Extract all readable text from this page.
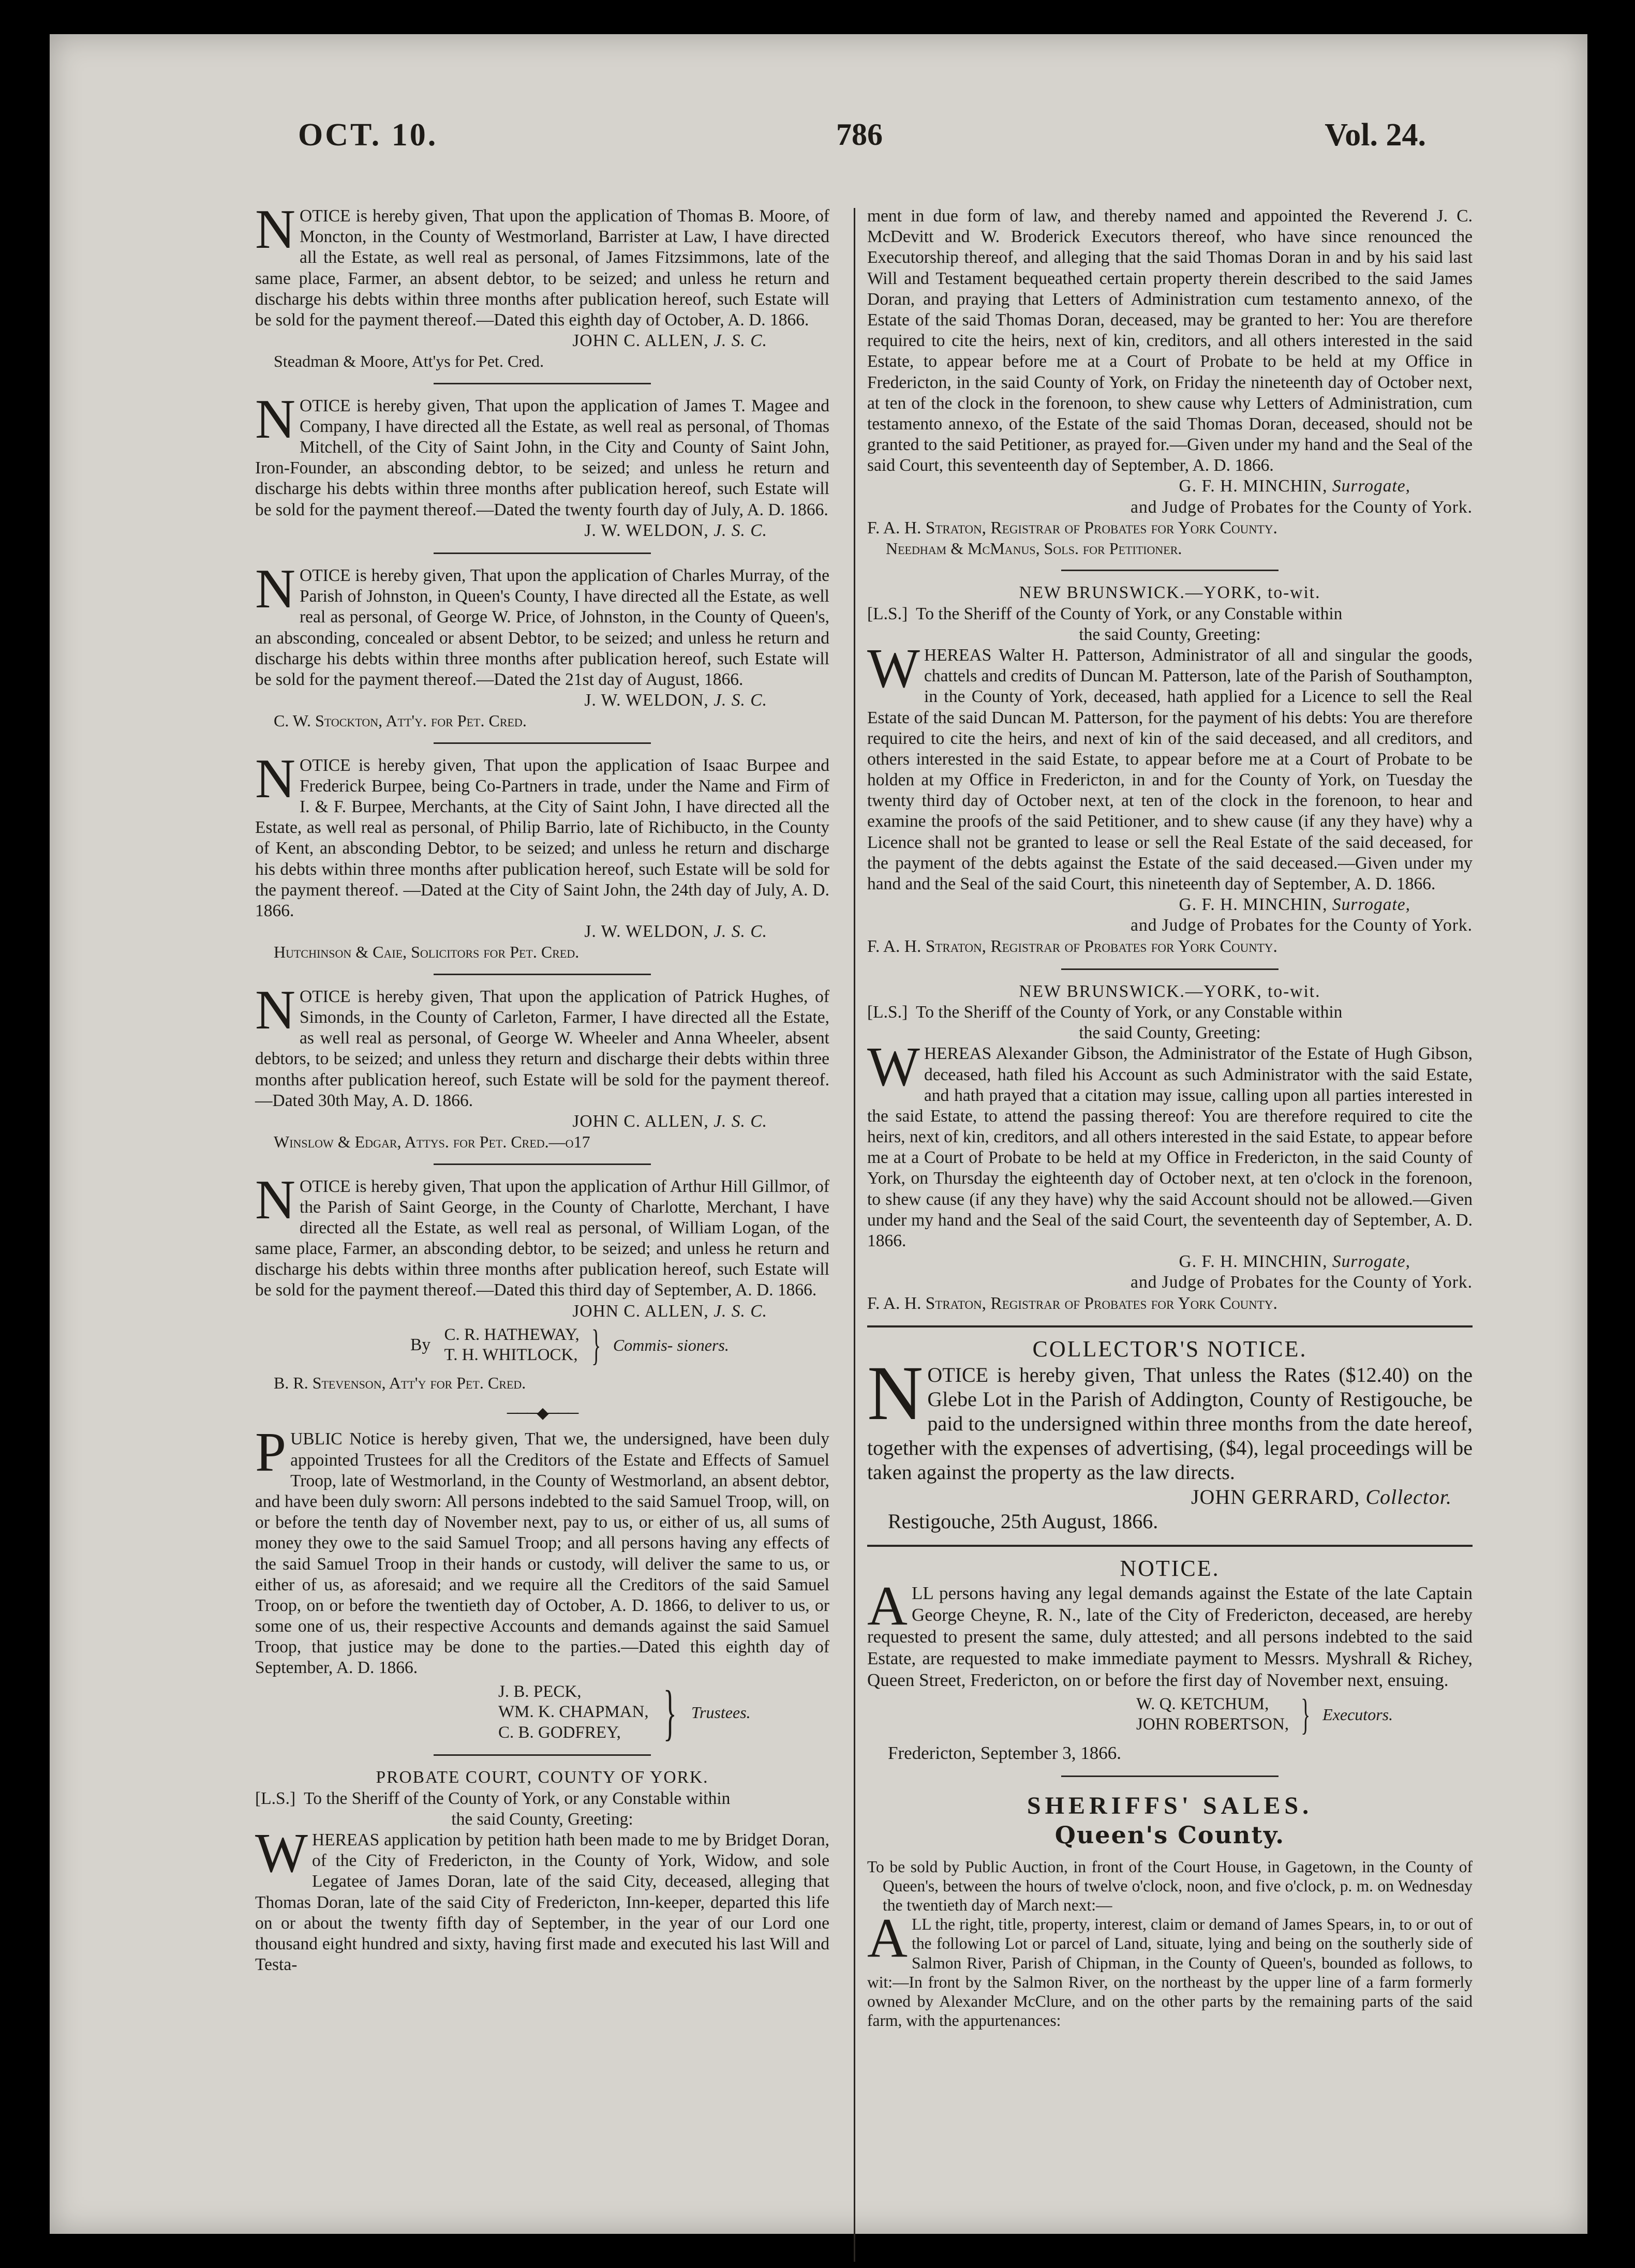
OCT. 10.	786	Vol. 24.

NOTICE is hereby given, That upon the application of Thomas B. Moore, of Moncton, in the County of Westmorland, Barrister at Law, I have directed all the Estate, as well real as personal, of James Fitzsimmons, late of the same place, Farmer, an absent debtor, to be seized; and unless he return and discharge his debts within three months after publication hereof, such Estate will be sold for the payment thereof.—Dated this eighth day of October, A. D. 1866.

JOHN C. ALLEN, J. S. C.

Steadman & Moore, Att'ys for Pet. Cred.

NOTICE is hereby given, That upon the application of James T. Magee and Company, I have directed all the Estate, as well real as personal, of Thomas Mitchell, of the City of Saint John, in the City and County of Saint John, Iron-Founder, an absconding debtor, to be seized; and unless he return and discharge his debts within three months after publication hereof, such Estate will be sold for the payment thereof.—Dated the twenty fourth day of July, A. D. 1866.

J. W. WELDON, J. S. C.

NOTICE is hereby given, That upon the application of Charles Murray, of the Parish of Johnston, in Queen's County, I have directed all the Estate, as well real as personal, of George W. Price, of Johnston, in the County of Queen's, an absconding, concealed or absent Debtor, to be seized; and unless he return and discharge his debts within three months after publication hereof, such Estate will be sold for the payment thereof.—Dated the 21st day of August, 1866.

J. W. WELDON, J. S. C.

C. W. Stockton, Att'y. for Pet. Cred.

NOTICE is hereby given, That upon the application of Isaac Burpee and Frederick Burpee, being Co-Partners in trade, under the Name and Firm of I. & F. Burpee, Merchants, at the City of Saint John, I have directed all the Estate, as well real as personal, of Philip Barrio, late of Richibucto, in the County of Kent, an absconding Debtor, to be seized; and unless he return and discharge his debts within three months after publication hereof, such Estate will be sold for the payment thereof. —Dated at the City of Saint John, the 24th day of July, A. D. 1866.

J. W. WELDON, J. S. C.

Hutchinson & Caie, Solicitors for Pet. Cred.

NOTICE is hereby given, That upon the application of Patrick Hughes, of Simonds, in the County of Carleton, Farmer, I have directed all the Estate, as well real as personal, of George W. Wheeler and Anna Wheeler, absent debtors, to be seized; and unless they return and discharge their debts within three months after publication hereof, such Estate will be sold for the payment thereof.—Dated 30th May, A. D. 1866.

JOHN C. ALLEN, J. S. C.

Winslow & Edgar, Attys. for Pet. Cred.—o17

NOTICE is hereby given, That upon the application of Arthur Hill Gillmor, of the Parish of Saint George, in the County of Charlotte, Merchant, I have directed all the Estate, as well real as personal, of William Logan, of the same place, Farmer, an absconding debtor, to be seized; and unless he return and discharge his debts within three months after publication hereof, such Estate will be sold for the payment thereof.—Dated this third day of September, A. D. 1866.

JOHN C. ALLEN, J. S. C.

By C. R. HATHEWAY,
T. H. WHITLOCK, } Commis- sioners.

B. R. Stevenson, Att'y for Pet. Cred.

───◆───

PUBLIC Notice is hereby given, That we, the undersigned, have been duly appointed Trustees for all the Creditors of the Estate and Effects of Samuel Troop, late of Westmorland, in the County of Westmorland, an absent debtor, and have been duly sworn: All persons indebted to the said Samuel Troop, will, on or before the tenth day of November next, pay to us, or either of us, all sums of money they owe to the said Samuel Troop; and all persons having any effects of the said Samuel Troop in their hands or custody, will deliver the same to us, or either of us, as aforesaid; and we require all the Creditors of the said Samuel Troop, on or before the twentieth day of October, A. D. 1866, to deliver to us, or some one of us, their respective Accounts and demands against the said Samuel Troop, that justice may be done to the parties.—Dated this eighth day of September, A. D. 1866.

J. B. PECK,
WM. K. CHAPMAN,
C. B. GODFREY, } Trustees.

PROBATE COURT, COUNTY OF YORK.

[L.S.] To the Sheriff of the County of York, or any Constable within

the said County, Greeting:

WHEREAS application by petition hath been made to me by Bridget Doran, of the City of Fredericton, in the County of York, Widow, and sole Legatee of James Doran, late of the said City, deceased, alleging that Thomas Doran, late of the said City of Fredericton, Inn-keeper, departed this life on or about the twenty fifth day of September, in the year of our Lord one thousand eight hundred and sixty, having first made and executed his last Will and Testa-

ment in due form of law, and thereby named and appointed the Reverend J. C. McDevitt and W. Broderick Executors thereof, who have since renounced the Executorship thereof, and alleging that the said Thomas Doran in and by his said last Will and Testament bequeathed certain property therein described to the said James Doran, and praying that Letters of Administration cum testamento annexo, of the Estate of the said Thomas Doran, deceased, may be granted to her: You are therefore required to cite the heirs, next of kin, creditors, and all others interested in the said Estate, to appear before me at a Court of Probate to be held at my Office in Fredericton, in the said County of York, on Friday the nineteenth day of October next, at ten of the clock in the forenoon, to shew cause why Letters of Administration, cum testamento annexo, of the Estate of the said Thomas Doran, deceased, should not be granted to the said Petitioner, as prayed for.—Given under my hand and the Seal of the said Court, this seventeenth day of September, A. D. 1866.

G. F. H. MINCHIN, Surrogate,

and Judge of Probates for the County of York.

F. A. H. Straton, Registrar of Probates for York County.

Needham & McManus, Sols. for Petitioner.

NEW BRUNSWICK.—YORK, to-wit.

[L.S.] To the Sheriff of the County of York, or any Constable within

the said County, Greeting:

WHEREAS Walter H. Patterson, Administrator of all and singular the goods, chattels and credits of Duncan M. Patterson, late of the Parish of Southampton, in the County of York, deceased, hath applied for a Licence to sell the Real Estate of the said Duncan M. Patterson, for the payment of his debts: You are therefore required to cite the heirs, and next of kin of the said deceased, and all creditors, and others interested in the said Estate, to appear before me at a Court of Probate to be holden at my Office in Fredericton, in and for the County of York, on Tuesday the twenty third day of October next, at ten of the clock in the forenoon, to hear and examine the proofs of the said Petitioner, and to shew cause (if any they have) why a Licence shall not be granted to lease or sell the Real Estate of the said deceased, for the payment of the debts against the Estate of the said deceased.—Given under my hand and the Seal of the said Court, this nineteenth day of September, A. D. 1866.

G. F. H. MINCHIN, Surrogate,

and Judge of Probates for the County of York.

F. A. H. Straton, Registrar of Probates for York County.

NEW BRUNSWICK.—YORK, to-wit.

[L.S.] To the Sheriff of the County of York, or any Constable within

the said County, Greeting:

WHEREAS Alexander Gibson, the Administrator of the Estate of Hugh Gibson, deceased, hath filed his Account as such Administrator with the said Estate, and hath prayed that a citation may issue, calling upon all parties interested in the said Estate, to attend the passing thereof: You are therefore required to cite the heirs, next of kin, creditors, and all others interested in the said Estate, to appear before me at a Court of Probate to be held at my Office in Fredericton, in the said County of York, on Thursday the eighteenth day of October next, at ten o'clock in the forenoon, to shew cause (if any they have) why the said Account should not be allowed.—Given under my hand and the Seal of the said Court, the seventeenth day of September, A. D. 1866.

G. F. H. MINCHIN, Surrogate,

and Judge of Probates for the County of York.

F. A. H. Straton, Registrar of Probates for York County.

COLLECTOR'S NOTICE.

NOTICE is hereby given, That unless the Rates ($12.40) on the Glebe Lot in the Parish of Addington, County of Restigouche, be paid to the undersigned within three months from the date hereof, together with the expenses of advertising, ($4), legal proceedings will be taken against the property as the law directs.

JOHN GERRARD, Collector.

Restigouche, 25th August, 1866.

NOTICE.

ALL persons having any legal demands against the Estate of the late Captain George Cheyne, R. N., late of the City of Fredericton, deceased, are hereby requested to present the same, duly attested; and all persons indebted to the said Estate, are requested to make immediate payment to Messrs. Myshrall & Richey, Queen Street, Fredericton, on or before the first day of November next, ensuing.

W. Q. KETCHUM,
JOHN ROBERTSON, } Executors.

Fredericton, September 3, 1866.

SHERIFFS' SALES.

Queen's County.

To be sold by Public Auction, in front of the Court House, in Gagetown, in the County of Queen's, between the hours of twelve o'clock, noon, and five o'clock, p. m. on Wednesday the twentieth day of March next:—

ALL the right, title, property, interest, claim or demand of James Spears, in, to or out of the following Lot or parcel of Land, situate, lying and being on the southerly side of Salmon River, Parish of Chipman, in the County of Queen's, bounded as follows, to wit:—In front by the Salmon River, on the northeast by the upper line of a farm formerly owned by Alexander McClure, and on the other parts by the remaining parts of the said farm, with the appurtenances:
